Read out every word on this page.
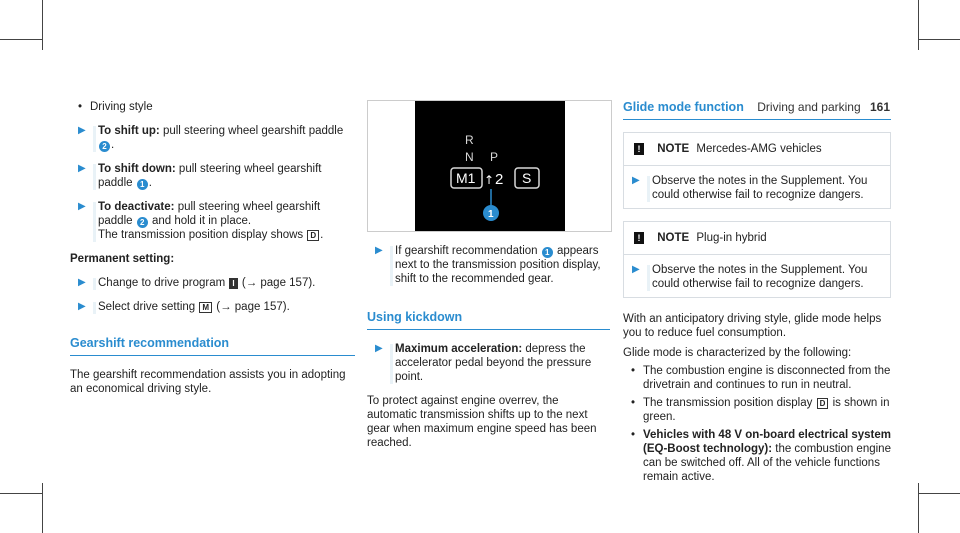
Driving and parking 161
• Driving style
▶ To shift up: pull steering wheel gearshift paddle 2 .
▶ To shift down: pull steering wheel gearshift paddle 1 .
▶ To deactivate: pull steering wheel gearshift paddle 2 and hold it in place.
The transmission position display shows D .
Permanent setting:
▶ Change to drive program I (→ page 157).
▶ Select drive setting M (→ page 157).
Gearshift recommendation

The gearshift recommendation assists you in adopting an economical driving style.

R
N P
M1 ↑ 2 S
1
▶ If gearshift recommendation 1 appears next to the transmission position display, shift to the recommended gear.
Using kickdown
▶ Maximum acceleration: depress the accelerator pedal beyond the pressure point.

To protect against engine overrev, the automatic transmission shifts up to the next gear when maximum engine speed has been reached.

Glide mode function
! NOTE Mercedes-AMG vehicles
▶ Observe the notes in the Supplement. You could otherwise fail to recognize dangers.
! NOTE Plug-in hybrid
▶ Observe the notes in the Supplement. You could otherwise fail to recognize dangers.

With an anticipatory driving style, glide mode helps you to reduce fuel consumption.

Glide mode is characterized by the following:

• The combustion engine is disconnected from the drivetrain and continues to run in neutral.
• The transmission position display D is shown in green.
• Vehicles with 48 V on-board electrical system (EQ-Boost technology): the combustion engine can be switched off. All of the vehicle functions remain active.
